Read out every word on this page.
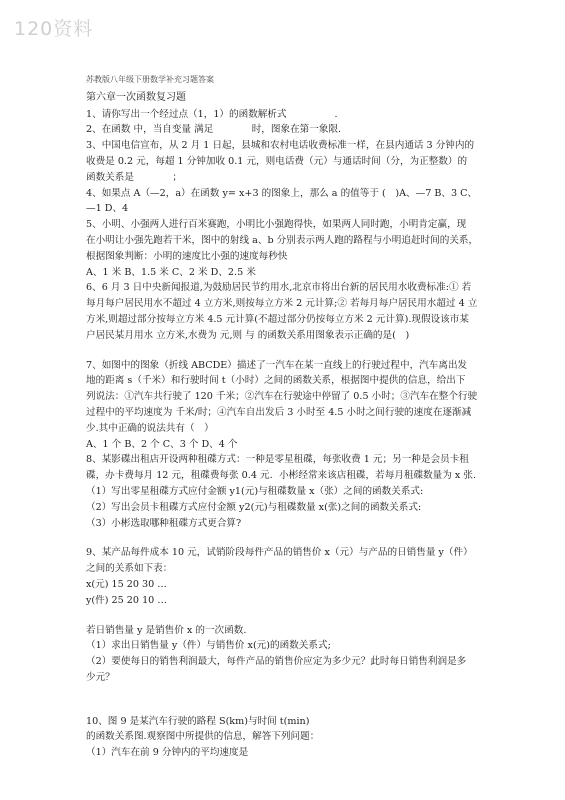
120资料
苏教版八年级下册数学补充习题答案
第六章一次函数复习题
1、请你写出一个经过点（1，1）的函数解析式　　　　　.
2、在函数 中，当自变量 满足　　　　时，图象在第一象限.
3、中国电信宣布，从 2 月 1 日起，县城和农村电话收费标准一样，在县内通话 3 分钟内的
收费是 0.2 元，每超 1 分钟加收 0.1 元，则电话费（元）与通话时间（分，为正整数）的
函数关系是　　　　；
4、如果点 A（—2，a）在函数 y= x+3 的图象上，那么 a 的值等于 (　)A、—7 B、3 C、
—1 D、4
5、小明、小强两人进行百米赛跑，小明比小强跑得快，如果两人同时跑，小明肯定赢，现
在小明让小强先跑若干米，图中的射线 a、b 分别表示两人跑的路程与小明追赶时间的关系，
根据图象判断：小明的速度比小强的速度每秒快
A、1 米 B、1.5 米 C、2 米 D、2.5 米
6、6 月 3 日中央新闻报道,为鼓励居民节约用水,北京市将出台新的居民用水收费标准:① 若
每月每户居民用水不超过 4 立方米,则按每立方米 2 元计算;② 若每月每户居民用水超过 4 立
方米,则超过部分按每立方米 4.5 元计算(不超过部分仍按每立方米 2 元计算).现假设该市某
户居民某月用水 立方米,水费为 元,则 与 的函数关系用图象表示正确的是(　)
7、如图中的图象（折线 ABCDE）描述了一汽车在某一直线上的行驶过程中，汽车离出发
地的距离 s（千米）和行驶时间 t（小时）之间的函数关系，根据图中提供的信息，给出下
列说法：①汽车共行驶了 120 千米；②汽车在行驶途中停留了 0.5 小时；③汽车在整个行驶
过程中的平均速度为 千米/时；④汽车自出发后 3 小时至 4.5 小时之间行驶的速度在逐渐减
少.其中正确的说法共有（　）
A、1 个 B、2 个 C、3 个 D、4 个
8、某影碟出租店开设两种租碟方式：一种是零星租碟，每张收费 1 元；另一种是会员卡租
碟，办卡费每月 12 元，租碟费每张 0.4 元．小彬经常来该店租碟，若每月租碟数量为 x 张.
（1）写出零星租碟方式应付金额 y1(元)与租碟数量 x（张）之间的函数关系式:
（2）写出会员卡租碟方式应付金额 y2(元)与租碟数量 x(张)之间的函数关系式:
（3）小彬选取哪种租碟方式更合算?
9、某产品每件成本 10 元，试销阶段每件产品的销售价 x（元）与产品的日销售量 y（件）
之间的关系如下表：
x(元) 15 20 30 …
y(件) 25 20 10 …
若日销售量 y 是销售价 x 的一次函数.
（1）求出日销售量 y（件）与销售价 x(元)的函数关系式;
（2）要使每日的销售利润最大，每件产品的销售价应定为多少元？此时每日销售利润是多
少元？
10、图 9 是某汽车行驶的路程 S(km)与时间 t(min)
的函数关系图.观察图中所提供的信息，解答下列问题：
（1）汽车在前 9 分钟内的平均速度是
